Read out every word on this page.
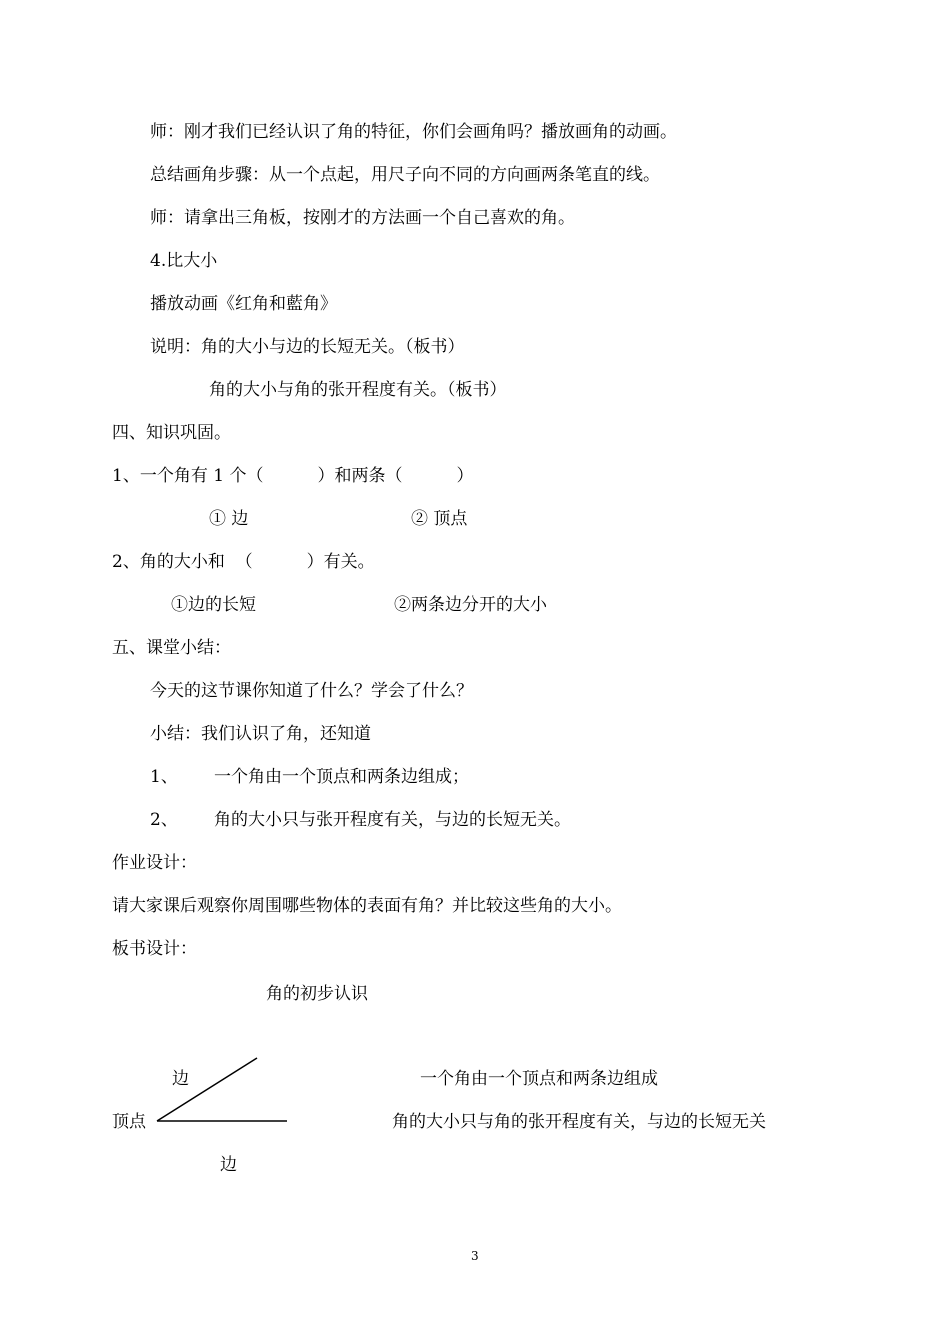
师：刚才我们已经认识了角的特征，你们会画角吗？播放画角的动画。
总结画角步骤：从一个点起，用尺子向不同的方向画两条笔直的线。
师：请拿出三角板，按刚才的方法画一个自己喜欢的角。
4.比大小
播放动画《红角和藍角》
说明：角的大小与边的长短无关。（板书）
角的大小与角的张开程度有关。（板书）
四、知识巩固。
1、一个角有 1 个（          ）和两条（          ）
① 边	② 顶点
2、角的大小和  （          ）有关。
①边的长短	②两条边分开的大小
五、课堂小结：
今天的这节课你知道了什么？学会了什么？
小结：我们认识了角，还知道
1、 一个角由一个顶点和两条边组成；
2、 角的大小只与张开程度有关，与边的长短无关。
作业设计：
请大家课后观察你周围哪些物体的表面有角？并比较这些角的大小。
板书设计：
角的初步认识
边
顶点
边
一个角由一个顶点和两条边组成
角的大小只与角的张开程度有关，与边的长短无关
3
